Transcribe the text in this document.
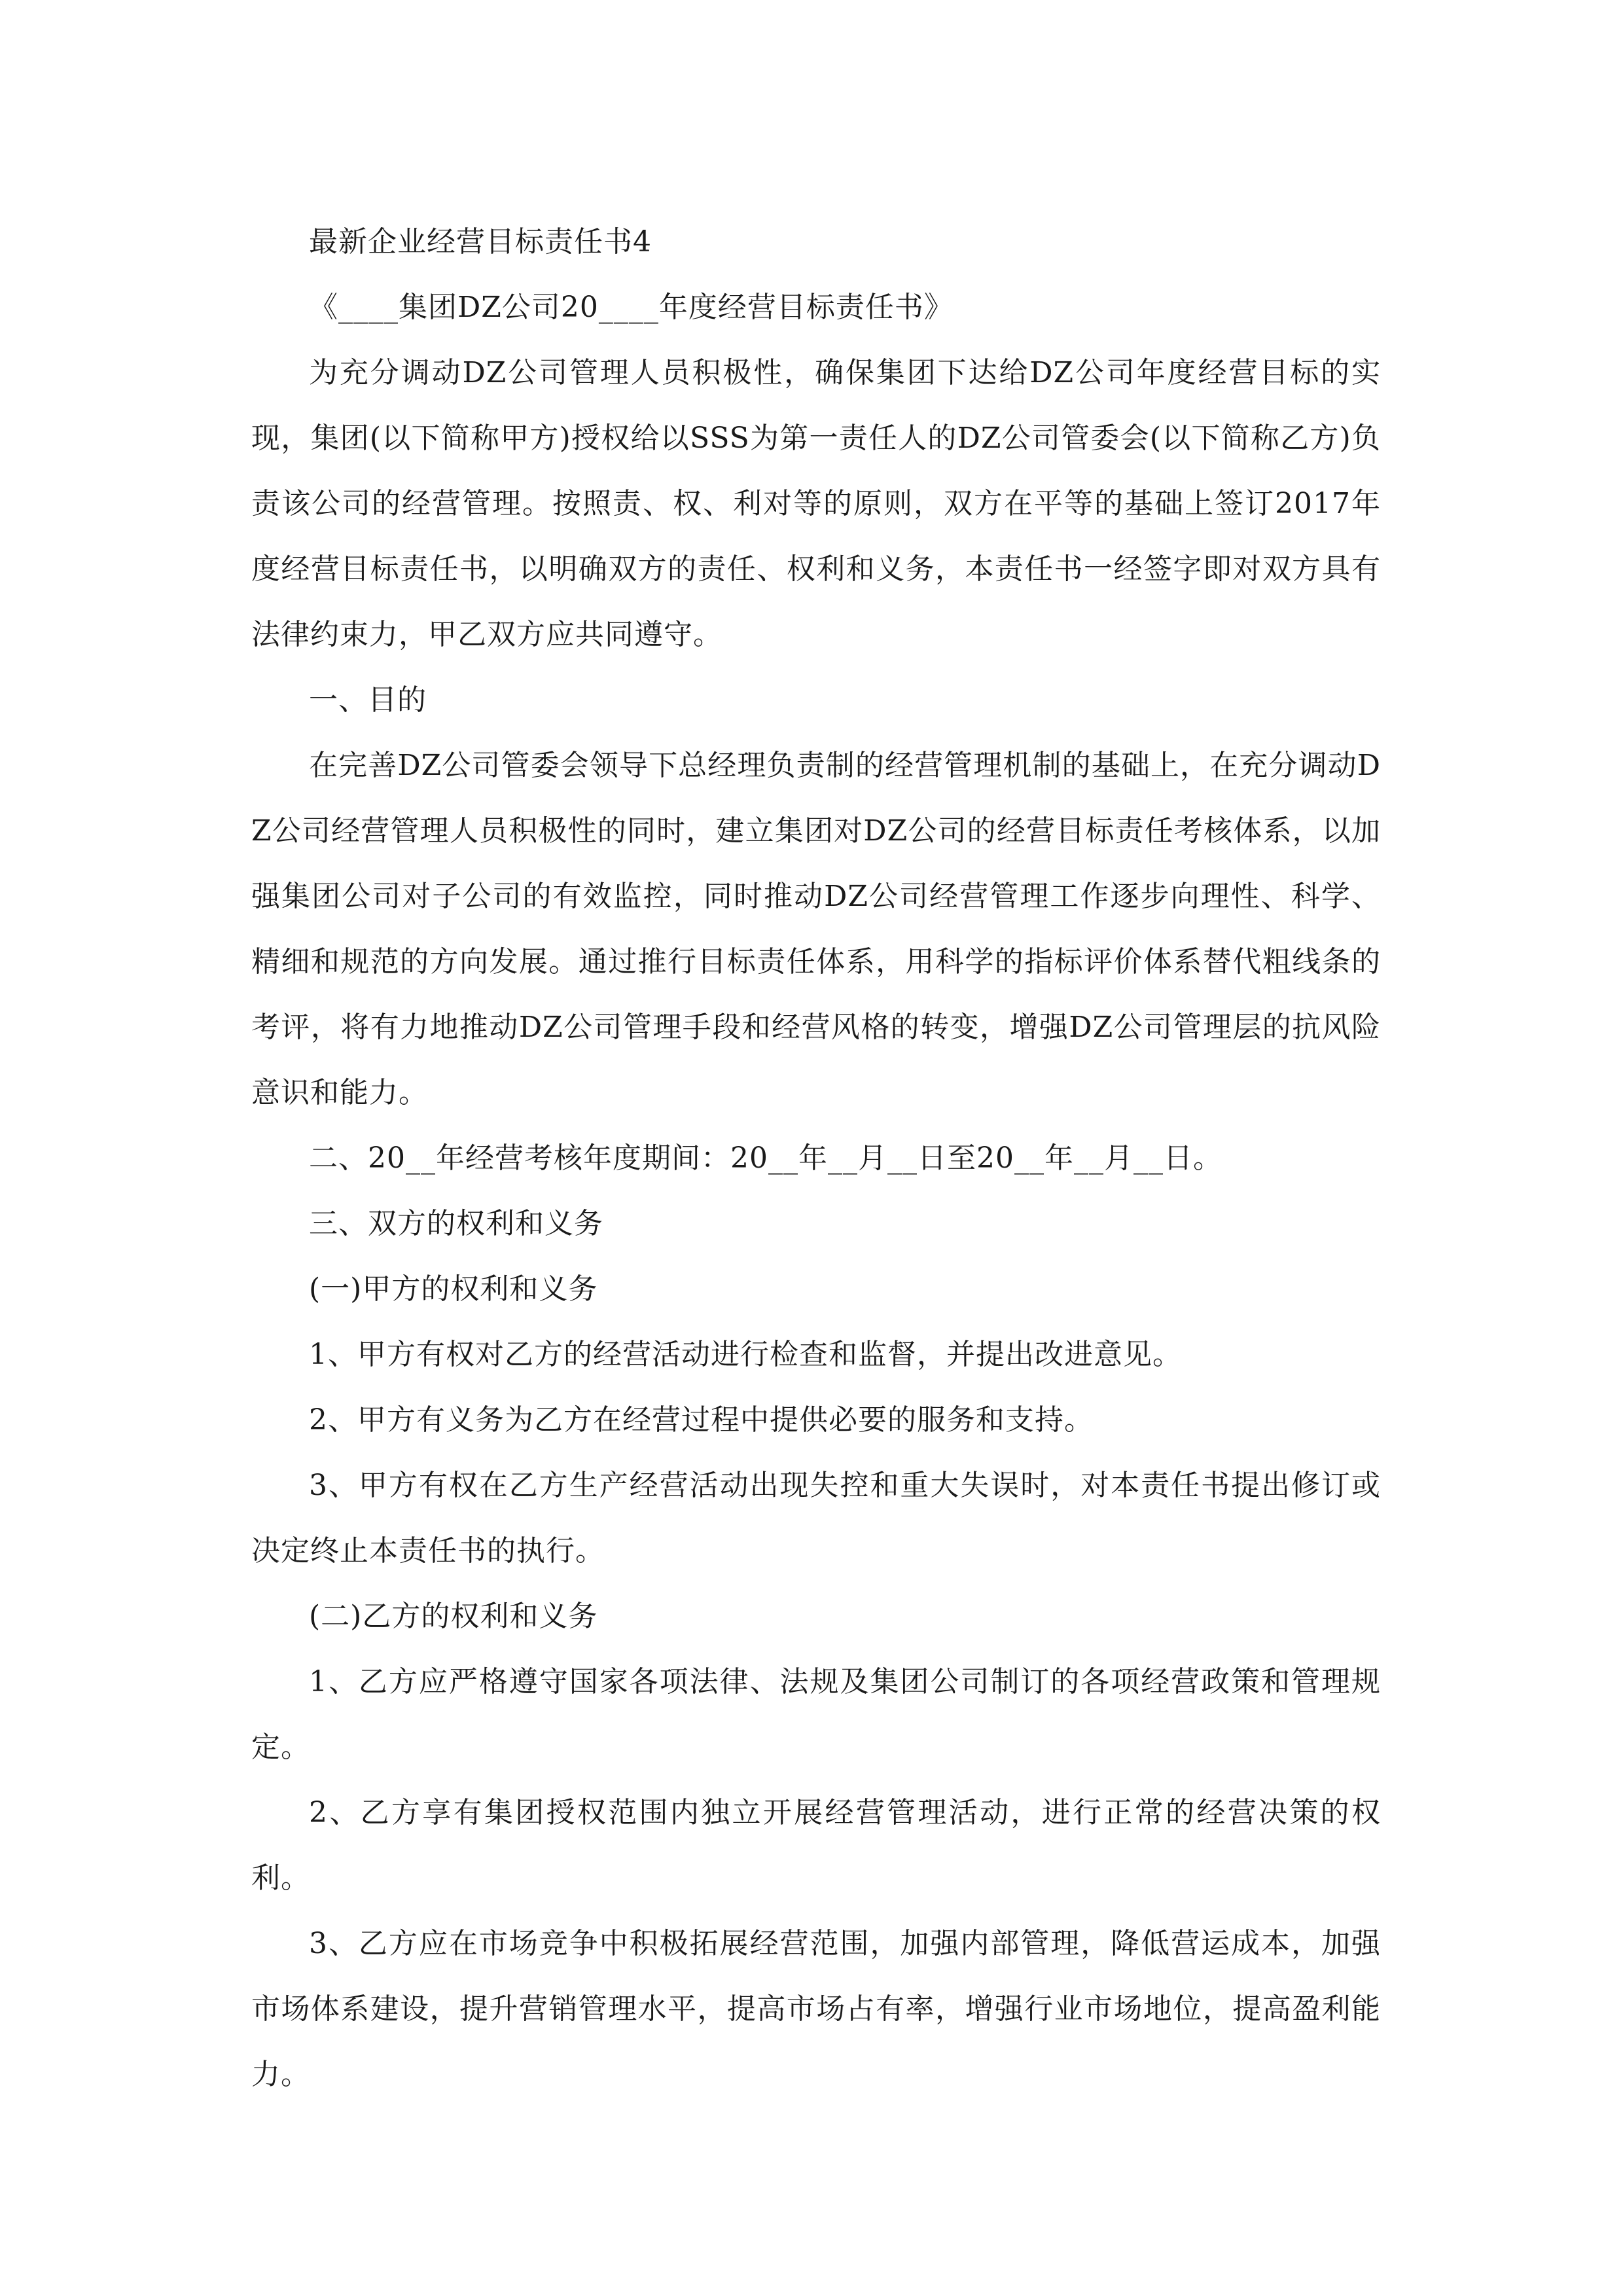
最新企业经营目标责任书4

《____集团DZ公司20____年度经营目标责任书》

为充分调动DZ公司管理人员积极性，确保集团下达给DZ公司年度经营目标的实现，集团(以下简称甲方)授权给以SSS为第一责任人的DZ公司管委会(以下简称乙方)负责该公司的经营管理。按照责、权、利对等的原则，双方在平等的基础上签订2017年度经营目标责任书，以明确双方的责任、权利和义务，本责任书一经签字即对双方具有法律约束力，甲乙双方应共同遵守。

一、目的

在完善DZ公司管委会领导下总经理负责制的经营管理机制的基础上，在充分调动DZ公司经营管理人员积极性的同时，建立集团对DZ公司的经营目标责任考核体系，以加强集团公司对子公司的有效监控，同时推动DZ公司经营管理工作逐步向理性、科学、精细和规范的方向发展。通过推行目标责任体系，用科学的指标评价体系替代粗线条的考评，将有力地推动DZ公司管理手段和经营风格的转变，增强DZ公司管理层的抗风险意识和能力。

二、20__年经营考核年度期间：20__年__月__日至20__年__月__日。

三、双方的权利和义务

(一)甲方的权利和义务

1、甲方有权对乙方的经营活动进行检查和监督，并提出改进意见。

2、甲方有义务为乙方在经营过程中提供必要的服务和支持。

3、甲方有权在乙方生产经营活动出现失控和重大失误时，对本责任书提出修订或决定终止本责任书的执行。

(二)乙方的权利和义务

1、乙方应严格遵守国家各项法律、法规及集团公司制订的各项经营政策和管理规定。

2、乙方享有集团授权范围内独立开展经营管理活动，进行正常的经营决策的权利。

3、乙方应在市场竞争中积极拓展经营范围，加强内部管理，降低营运成本，加强市场体系建设，提升营销管理水平，提高市场占有率，增强行业市场地位，提高盈利能力。
